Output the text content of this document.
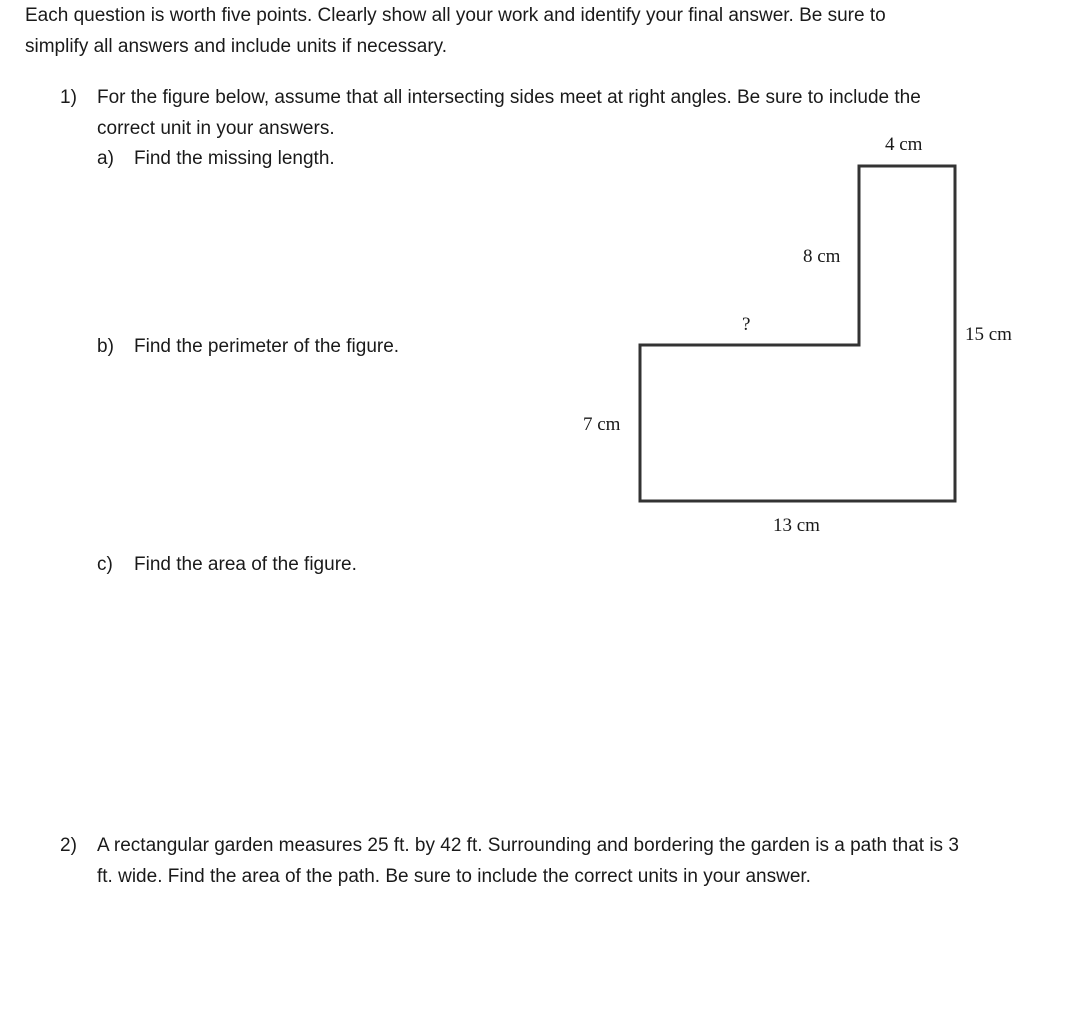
Each question is worth five points. Clearly show all your work and identify your final answer. Be sure to
simplify all answers and include units if necessary.
1) For the figure below, assume that all intersecting sides meet at right angles. Be sure to include the
correct unit in your answers.
a) Find the missing length.
b) Find the perimeter of the figure.
c) Find the area of the figure.
4 cm
8 cm
?	15 cm
7 cm
13 cm
2) A rectangular garden measures 25 ft. by 42 ft. Surrounding and bordering the garden is a path that is 3
ft. wide. Find the area of the path. Be sure to include the correct units in your answer.
